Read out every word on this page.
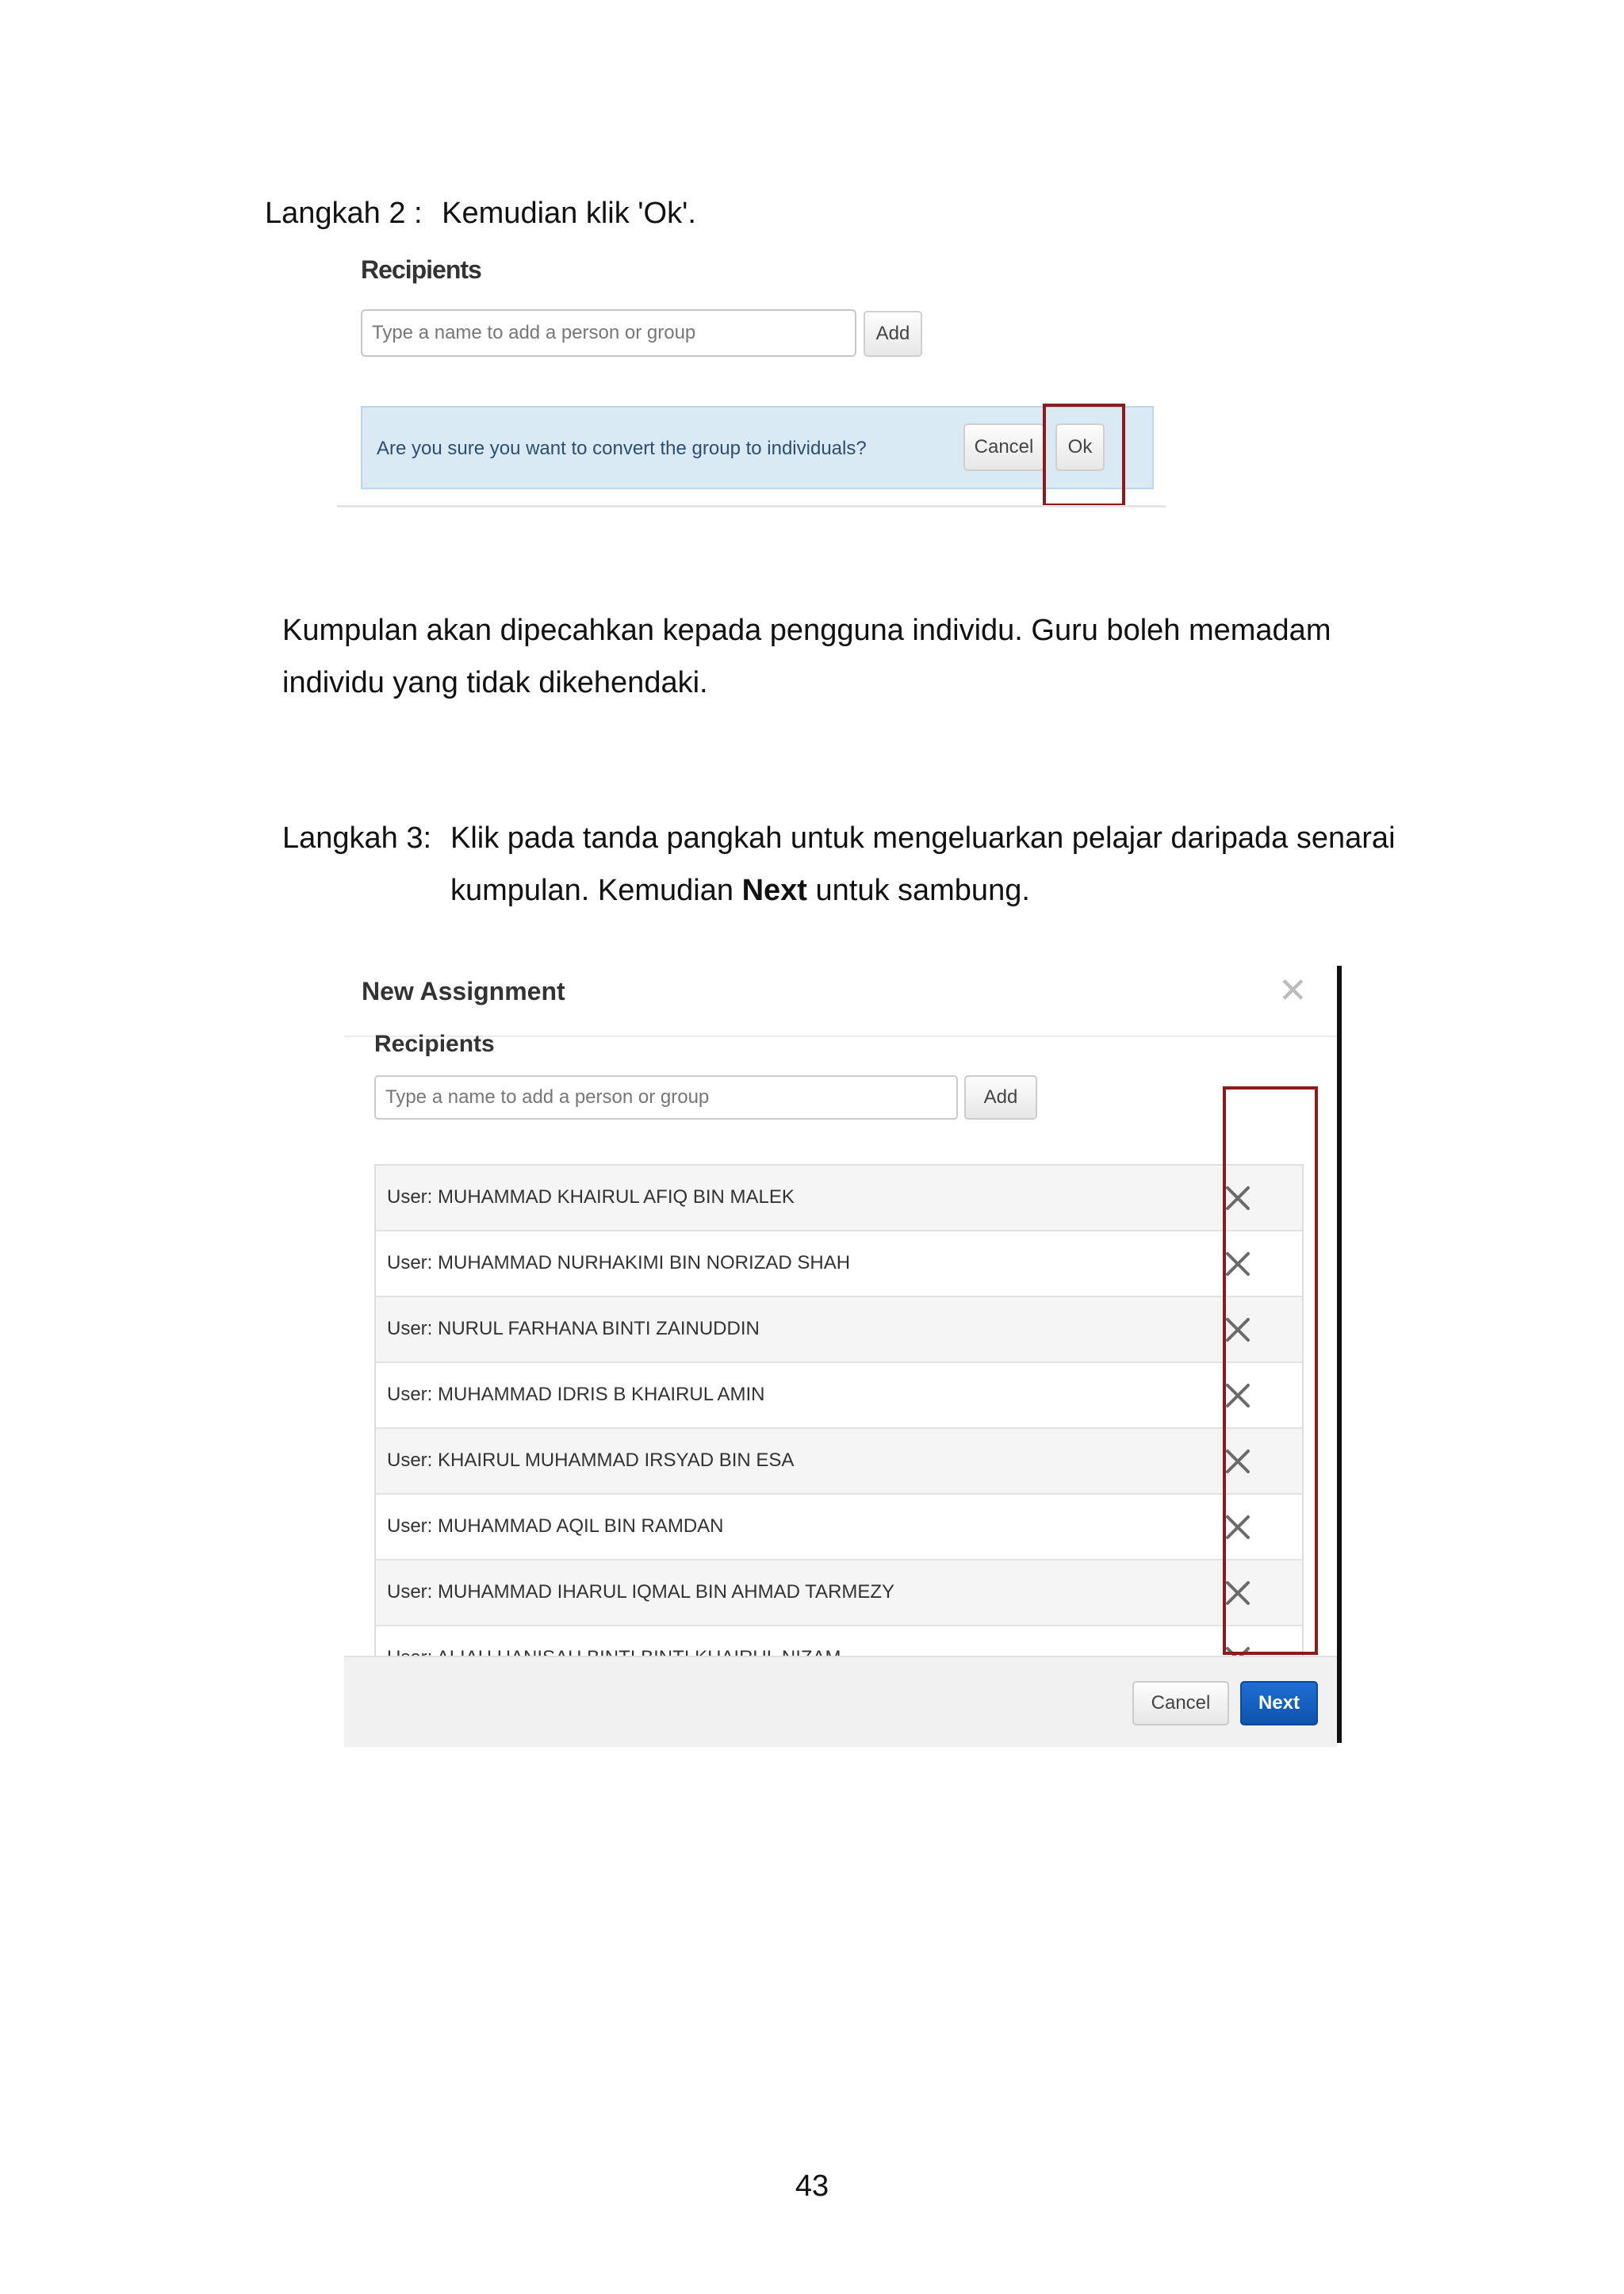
Langkah 2 : Kemudian klik 'Ok'.
Recipients
Type a name to add a person or group
Add
Are you sure you want to convert the group to individuals?	Cancel	Ok
Kumpulan akan dipecahkan kepada pengguna individu. Guru boleh memadam
individu yang tidak dikehendaki.
Langkah 3: Klik pada tanda pangkah untuk mengeluarkan pelajar daripada senarai
kumpulan. Kemudian Next untuk sambung.
New Assignment	✕
Recipients
Type a name to add a person or group
Add
User: MUHAMMAD KHAIRUL AFIQ BIN MALEK
User: MUHAMMAD NURHAKIMI BIN NORIZAD SHAH
User: NURUL FARHANA BINTI ZAINUDDIN
User: MUHAMMAD IDRIS B KHAIRUL AMIN
User: KHAIRUL MUHAMMAD IRSYAD BIN ESA
User: MUHAMMAD AQIL BIN RAMDAN
User: MUHAMMAD IHARUL IQMAL BIN AHMAD TARMEZY
Cancel	Next
43
